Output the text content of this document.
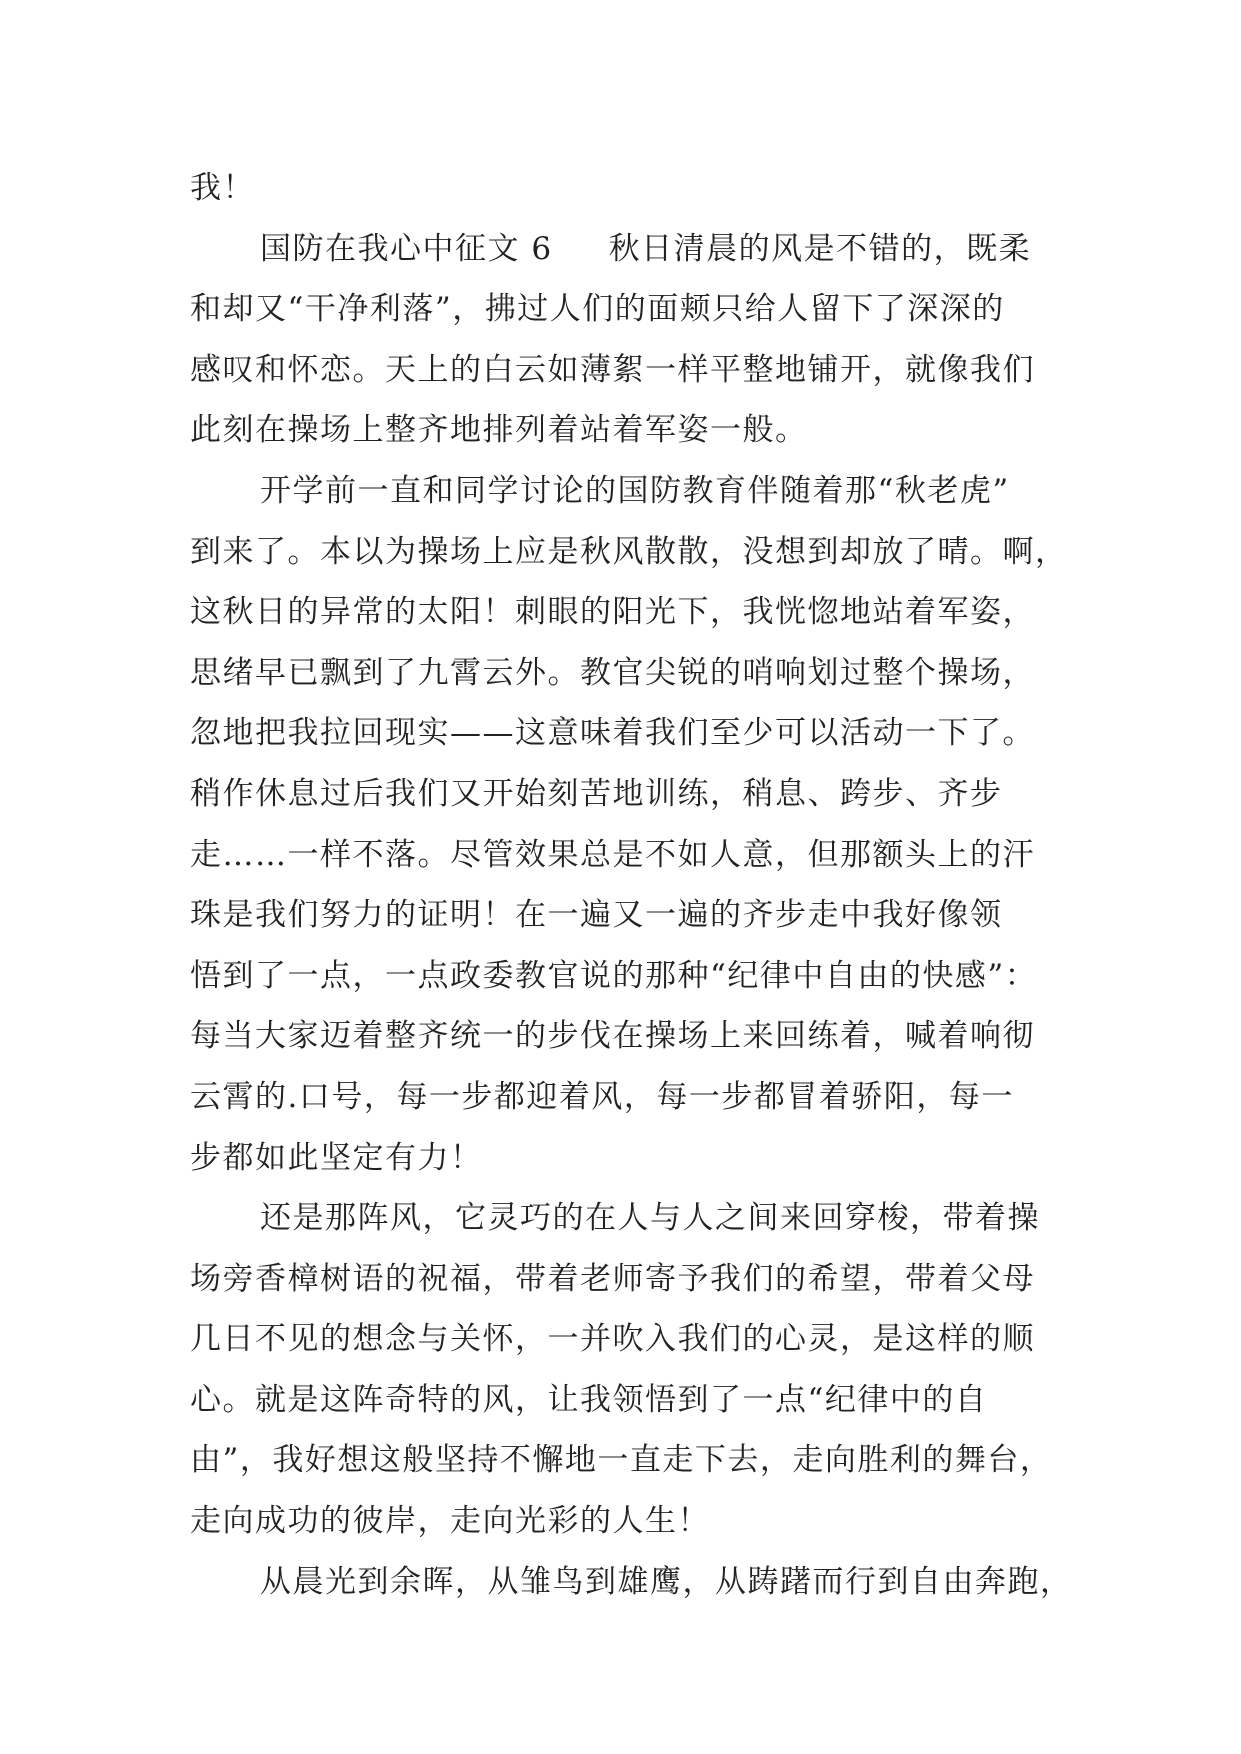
我！
国防在我心中征文 6 秋日清晨的风是不错的，既柔
和却又“干净利落”，拂过人们的面颊只给人留下了深深的
感叹和怀恋。天上的白云如薄絮一样平整地铺开，就像我们
此刻在操场上整齐地排列着站着军姿一般。
开学前一直和同学讨论的国防教育伴随着那“秋老虎”
到来了。本以为操场上应是秋风散散，没想到却放了晴。啊，
这秋日的异常的太阳！刺眼的阳光下，我恍惚地站着军姿，
思绪早已飘到了九霄云外。教官尖锐的哨响划过整个操场，
忽地把我拉回现实——这意味着我们至少可以活动一下了。
稍作休息过后我们又开始刻苦地训练，稍息、跨步、齐步
走……一样不落。尽管效果总是不如人意，但那额头上的汗
珠是我们努力的证明！在一遍又一遍的齐步走中我好像领
悟到了一点，一点政委教官说的那种“纪律中自由的快感”：
每当大家迈着整齐统一的步伐在操场上来回练着，喊着响彻
云霄的.口号，每一步都迎着风，每一步都冒着骄阳，每一
步都如此坚定有力！
还是那阵风，它灵巧的在人与人之间来回穿梭，带着操
场旁香樟树语的祝福，带着老师寄予我们的希望，带着父母
几日不见的想念与关怀，一并吹入我们的心灵，是这样的顺
心。就是这阵奇特的风，让我领悟到了一点“纪律中的自
由”，我好想这般坚持不懈地一直走下去，走向胜利的舞台，
走向成功的彼岸，走向光彩的人生！
从晨光到余晖，从雏鸟到雄鹰，从踌躇而行到自由奔跑，
